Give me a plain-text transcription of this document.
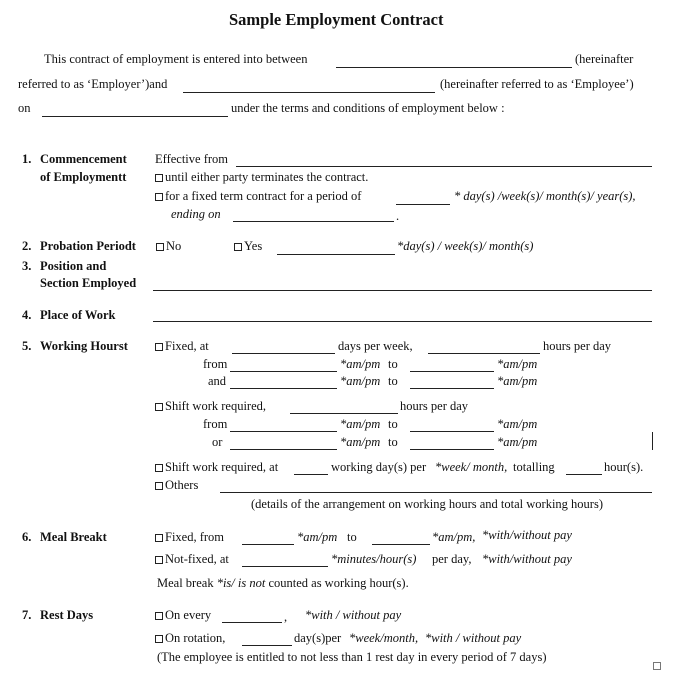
Sample Employment Contract
This contract of employment is entered into between	(hereinafter
referred to as ‘Employer’)and	(hereinafter referred to as ‘Employee’)
on	under the terms and conditions of employment below :
1. Commencement
of Employmentt
Effective from
until either party terminates the contract.
for a fixed term contract for a period of	* day(s) /week(s)/ month(s)/ year(s),
ending on	.
2. Probation Periodt	No	Yes	*day(s) / week(s)/ month(s)
3. Position and
Section Employed
4. Place of Work
5. Working Hourst	Fixed, at	days per week,	hours per day
from	*am/pm to	*am/pm
and	*am/pm to	*am/pm
Shift work required,	hours per day
from	*am/pm to	*am/pm
or	*am/pm to	*am/pm
Shift work required, at	working day(s) per *week/ month, totalling	hour(s).
Others
(details of the arrangement on working hours and total working hours)
6. Meal Breakt	Fixed, from	*am/pm to	*am/pm, *with/without pay
Not-fixed, at	*minutes/hour(s) per day, *with/without pay
Meal break *is/ is not counted as working hour(s).
7. Rest Days	On every	, *with / without pay
On rotation,	day(s)per *week/month, *with / without pay
(The employee is entitled to not less than 1 rest day in every period of 7 days)
